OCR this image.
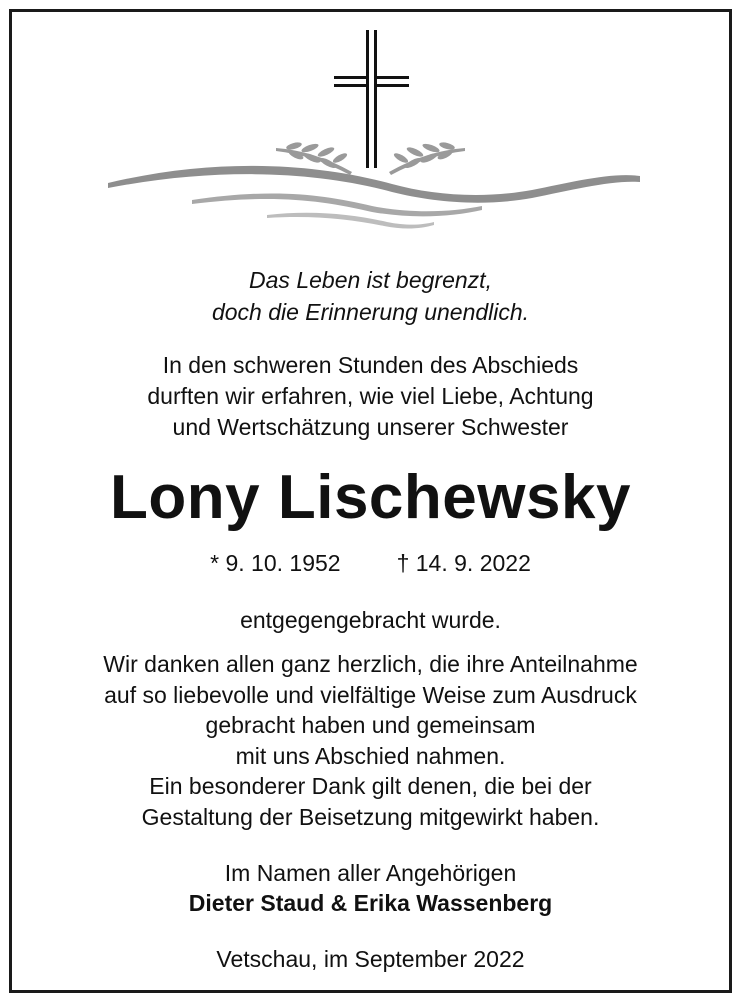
Das Leben ist begrenzt,
doch die Erinnerung unendlich.
In den schweren Stunden des Abschieds
durften wir erfahren, wie viel Liebe, Achtung
und Wertschätzung unserer Schwester
Lony Lischewsky
* 9. 10. 1952 † 14. 9. 2022
entgegengebracht wurde.
Wir danken allen ganz herzlich, die ihre Anteilnahme
auf so liebevolle und vielfältige Weise zum Ausdruck
gebracht haben und gemeinsam
mit uns Abschied nahmen.
Ein besonderer Dank gilt denen, die bei der
Gestaltung der Beisetzung mitgewirkt haben.
Im Namen aller Angehörigen
Dieter Staud & Erika Wassenberg
Vetschau, im September 2022
